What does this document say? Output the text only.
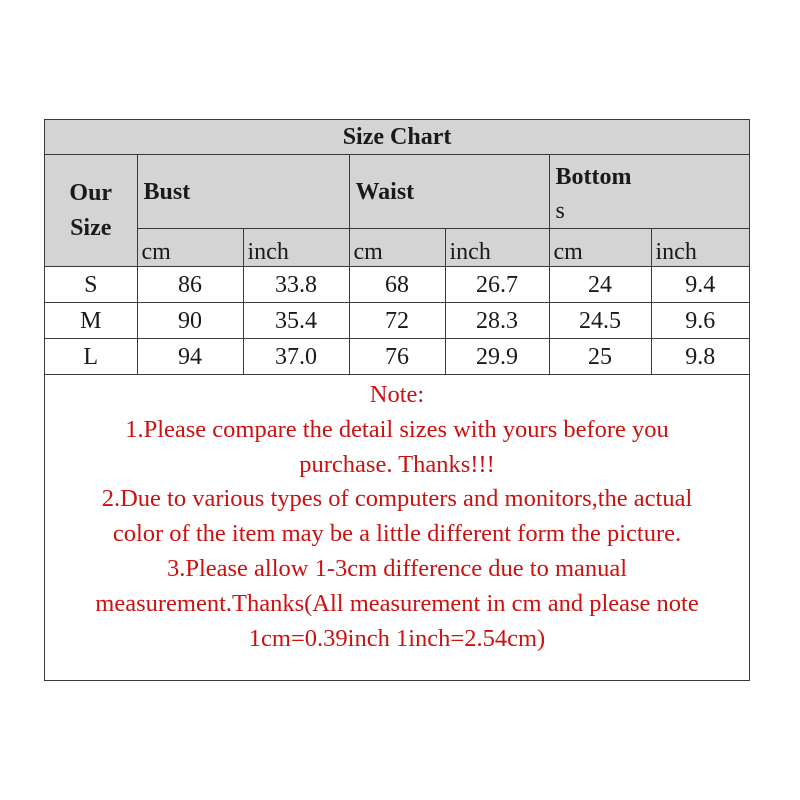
Size Chart						
Our
Size	Bust		Waist		Bottom
s	
	cm	inch	cm	inch	cm	inch
S	86	33.8	68	26.7	24	9.4
M	90	35.4	72	28.3	24.5	9.6
L	94	37.0	76	29.9	25	9.8
Note:
1.Please compare the detail sizes with yours before you
purchase. Thanks!!!
2.Due to various types of computers and monitors,the actual
color of the item may be a little different form the picture.
3.Please allow 1-3cm difference due to manual
measurement.Thanks(All measurement in cm and please note
1cm=0.39inch 1inch=2.54cm)
